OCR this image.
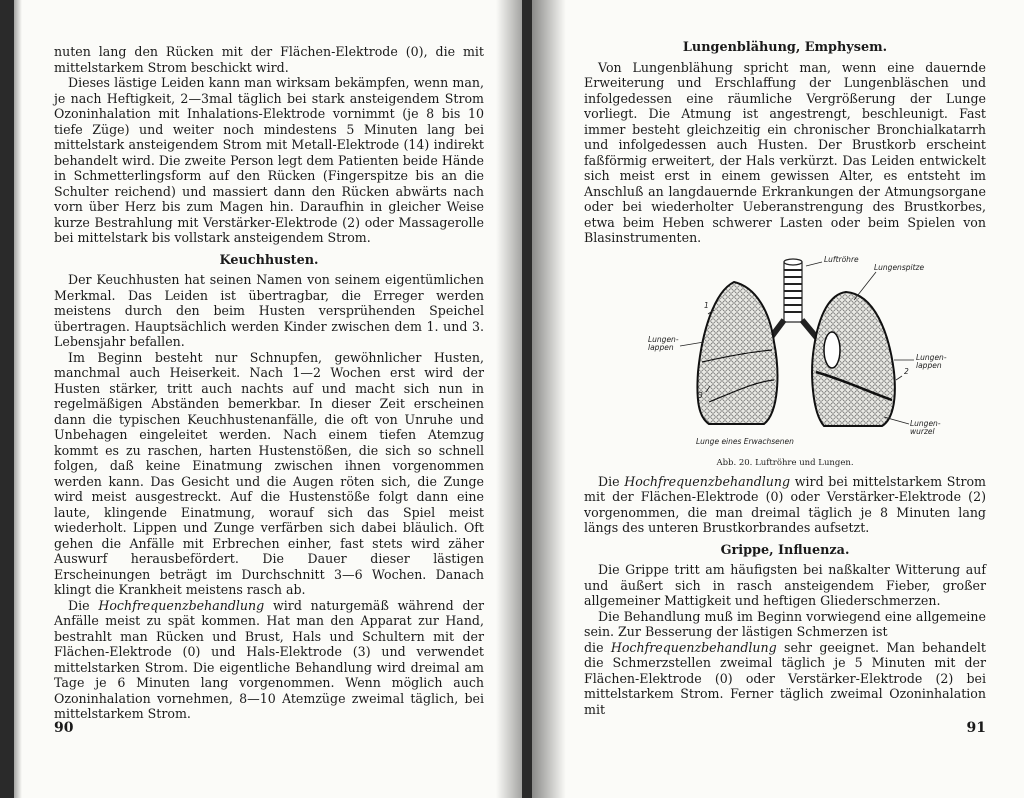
nuten lang den Rücken mit der Flächen-Elektrode (0), die mit mittelstarkem Strom beschickt wird.

Dieses lästige Leiden kann man wirksam bekämpfen, wenn man, je nach Heftigkeit, 2—3mal täglich bei stark ansteigendem Strom Ozoninhalation mit Inhalations-Elektrode vornimmt (je 8 bis 10 tiefe Züge) und weiter noch mindestens 5 Minuten lang bei mittelstark ansteigendem Strom mit Metall-Elektrode (14) indirekt behandelt wird. Die zweite Person legt dem Patienten beide Hände in Schmetterlingsform auf den Rücken (Fingerspitze bis an die Schulter reichend) und massiert dann den Rücken abwärts nach vorn über Herz bis zum Magen hin. Daraufhin in gleicher Weise kurze Bestrahlung mit Verstärker-Elektrode (2) oder Massagerolle bei mittelstark bis vollstark ansteigendem Strom.

Keuchhusten.

Der Keuchhusten hat seinen Namen von seinem eigentümlichen Merkmal. Das Leiden ist übertragbar, die Erreger werden meistens durch den beim Husten versprühenden Speichel übertragen. Hauptsächlich werden Kinder zwischen dem 1. und 3. Lebensjahr befallen.

Im Beginn besteht nur Schnupfen, gewöhnlicher Husten, manchmal auch Heiserkeit. Nach 1—2 Wochen erst wird der Husten stärker, tritt auch nachts auf und macht sich nun in regelmäßigen Abständen bemerkbar. In dieser Zeit erscheinen dann die typischen Keuchhustenanfälle, die oft von Unruhe und Unbehagen eingeleitet werden. Nach einem tiefen Atemzug kommt es zu raschen, harten Hustenstößen, die sich so schnell folgen, daß keine Einatmung zwischen ihnen vorgenommen werden kann. Das Gesicht und die Augen röten sich, die Zunge wird meist ausgestreckt. Auf die Hustenstöße folgt dann eine laute, klingende Einatmung, worauf sich das Spiel meist wiederholt. Lippen und Zunge verfärben sich dabei bläulich. Oft gehen die Anfälle mit Erbrechen einher, fast stets wird zäher Auswurf herausbefördert. Die Dauer dieser lästigen Erscheinungen beträgt im Durchschnitt 3—6 Wochen. Danach klingt die Krankheit meistens rasch ab.

Die Hochfrequenzbehandlung wird naturgemäß während der Anfälle meist zu spät kommen. Hat man den Apparat zur Hand, bestrahlt man Rücken und Brust, Hals und Schultern mit der Flächen-Elektrode (0) und Hals-Elektrode (3) und verwendet mittelstarken Strom. Die eigentliche Behandlung wird dreimal am Tage je 6 Minuten lang vorgenommen. Wenn möglich auch Ozoninhalation vornehmen, 8—10 Atemzüge zweimal täglich, bei mittelstarkem Strom.

90
Lungenblähung, Emphysem.

Von Lungenblähung spricht man, wenn eine dauernde Erweiterung und Erschlaffung der Lungenbläschen und infolgedessen eine räumliche Vergrößerung der Lunge vorliegt. Die Atmung ist angestrengt, beschleunigt. Fast immer besteht gleichzeitig ein chronischer Bronchialkatarrh und infolgedessen auch Husten. Der Brustkorb erscheint faßförmig erweitert, der Hals verkürzt. Das Leiden entwickelt sich meist erst in einem gewissen Alter, es entsteht im Anschluß an langdauernde Erkrankungen der Atmungsorgane oder bei wiederholter Ueberanstrengung des Brustkorbes, etwa beim Heben schwerer Lasten oder beim Spielen von Blasinstrumenten.

Luftröhre
Lungenspitze
Lungen-
lappen
Lungen-
lappen
Lungen-
wurzel
Lunge eines Erwachsenen
1
2
3
Abb. 20. Luftröhre und Lungen.

Die Hochfrequenzbehandlung wird bei mittelstarkem Strom mit der Flächen-Elektrode (0) oder Verstärker-Elektrode (2) vorgenommen, die man dreimal täglich je 8 Minuten lang längs des unteren Brustkorbrandes aufsetzt.

Grippe, Influenza.

Die Grippe tritt am häufigsten bei naßkalter Witterung auf und äußert sich in rasch ansteigendem Fieber, großer allgemeiner Mattigkeit und heftigen Gliederschmerzen.

Die Behandlung muß im Beginn vorwiegend eine allgemeine sein. Zur Besserung der lästigen Schmerzen ist

die Hochfrequenzbehandlung sehr geeignet. Man behandelt die Schmerzstellen zweimal täglich je 5 Minuten mit der Flächen-Elektrode (0) oder Verstärker-Elektrode (2) bei mittelstarkem Strom. Ferner täglich zweimal Ozoninhalation mit

91
